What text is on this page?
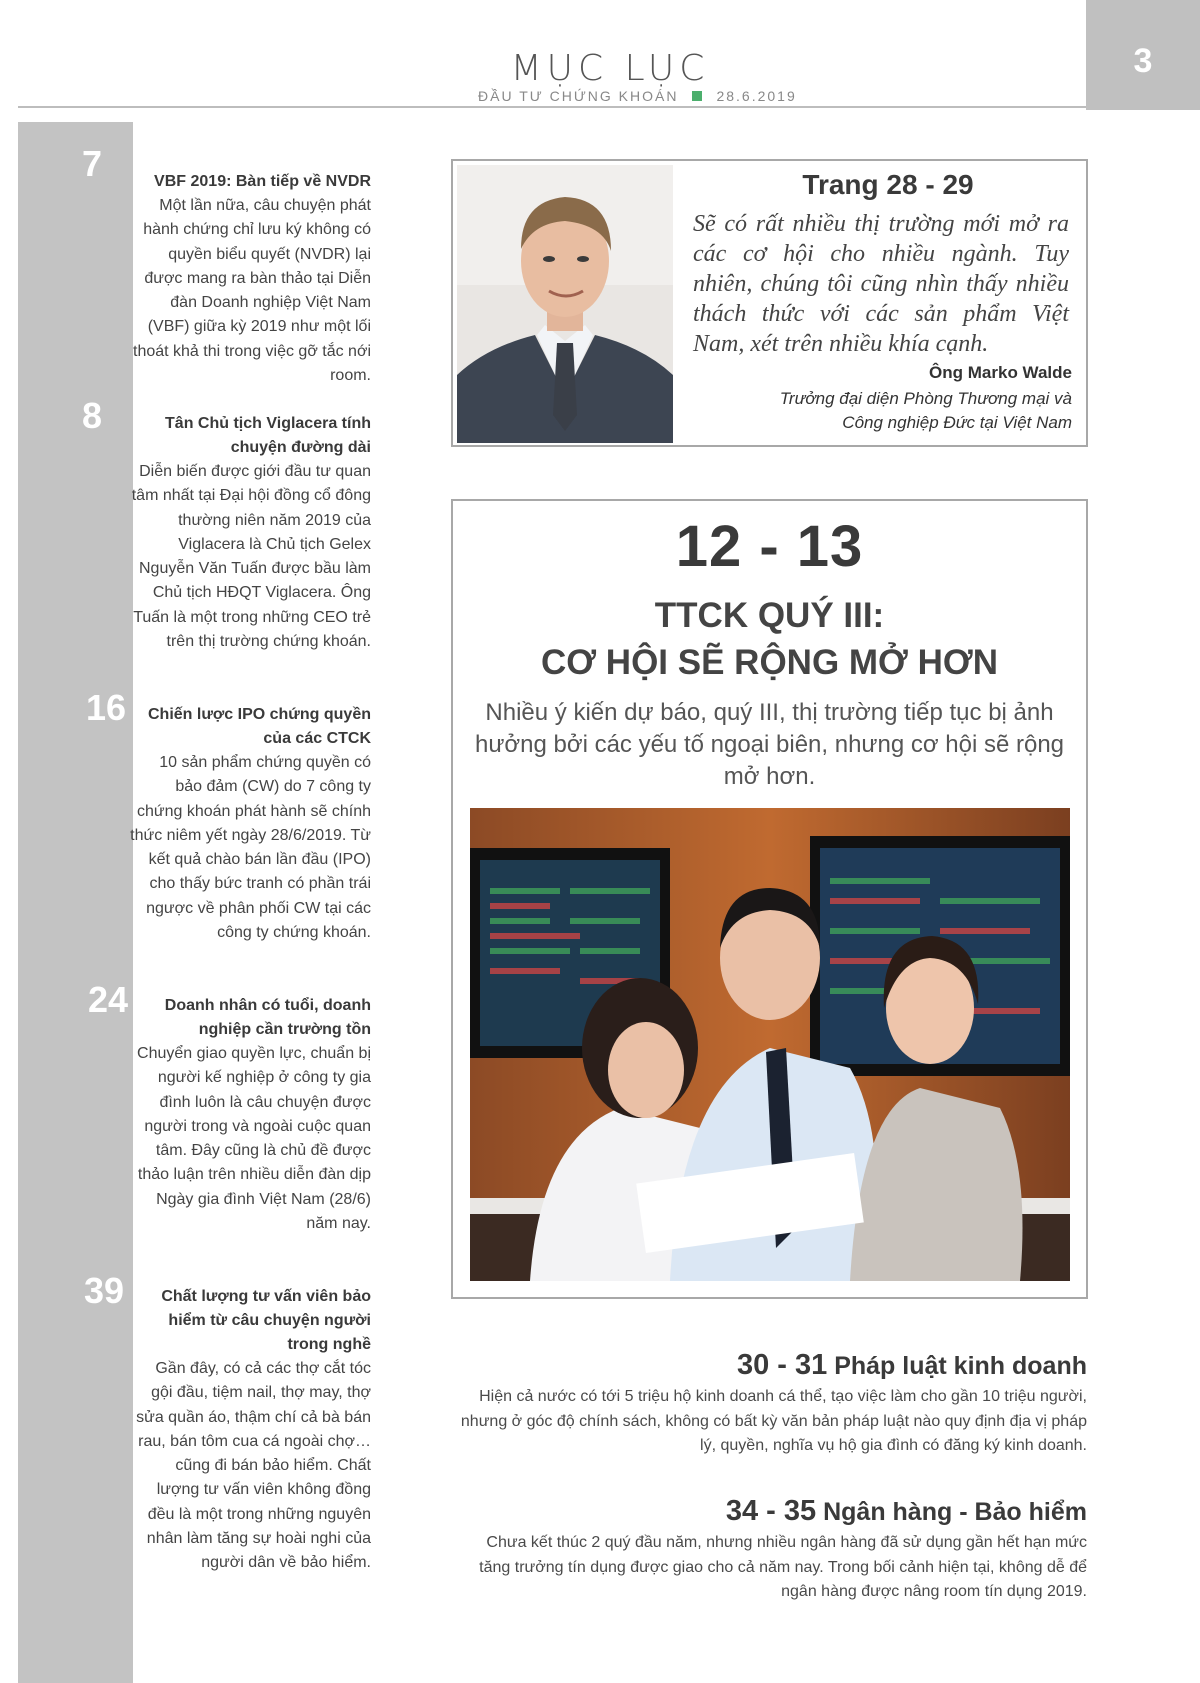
MỤC LỤC
ĐẦU TƯ CHỨNG KHOÁN	28.6.2019
3
7	VBF 2019: Bàn tiếp về NVDR
Một lần nữa, câu chuyện phát hành chứng chỉ lưu ký không có quyền biểu quyết (NVDR) lại được mang ra bàn thảo tại Diễn đàn Doanh nghiệp Việt Nam (VBF) giữa kỳ 2019 như một lối thoát khả thi trong việc gỡ tắc nới room.
8	Tân Chủ tịch Viglacera tính chuyện đường dài
Diễn biến được giới đầu tư quan tâm nhất tại Đại hội đồng cổ đông thường niên năm 2019 của Viglacera là Chủ tịch Gelex Nguyễn Văn Tuấn được bầu làm Chủ tịch HĐQT Viglacera. Ông Tuấn là một trong những CEO trẻ trên thị trường chứng khoán.
16	Chiến lược IPO chứng quyền của các CTCK
10 sản phẩm chứng quyền có bảo đảm (CW) do 7 công ty chứng khoán phát hành sẽ chính thức niêm yết ngày 28/6/2019. Từ kết quả chào bán lần đầu (IPO) cho thấy bức tranh có phần trái ngược về phân phối CW tại các công ty chứng khoán.
24	Doanh nhân có tuổi, doanh nghiệp cần trường tồn
Chuyển giao quyền lực, chuẩn bị người kế nghiệp ở công ty gia đình luôn là câu chuyện được người trong và ngoài cuộc quan tâm. Đây cũng là chủ đề được thảo luận trên nhiều diễn đàn dịp Ngày gia đình Việt Nam (28/6) năm nay.
39	Chất lượng tư vấn viên bảo hiểm từ câu chuyện người trong nghề
Gần đây, có cả các thợ cắt tóc gội đầu, tiệm nail, thợ may, thợ sửa quần áo, thậm chí cả bà bán rau, bán tôm cua cá ngoài chợ… cũng đi bán bảo hiểm. Chất lượng tư vấn viên không đồng đều là một trong những nguyên nhân làm tăng sự hoài nghi của người dân về bảo hiểm.
Trang 28 - 29
Sẽ có rất nhiều thị trường mới mở ra các cơ hội cho nhiều ngành. Tuy nhiên, chúng tôi cũng nhìn thấy nhiều thách thức với các sản phẩm Việt Nam, xét trên nhiều khía cạnh.
Ông Marko Walde
Trưởng đại diện Phòng Thương mại và
Công nghiệp Đức tại Việt Nam
12 - 13
TTCK QUÝ III:
CƠ HỘI SẼ RỘNG MỞ HƠN
Nhiều ý kiến dự báo, quý III, thị trường tiếp tục bị ảnh hưởng bởi các yếu tố ngoại biên, nhưng cơ hội sẽ rộng mở hơn.
30 - 31 Pháp luật kinh doanh
Hiện cả nước có tới 5 triệu hộ kinh doanh cá thể, tạo việc làm cho gần 10 triệu người, nhưng ở góc độ chính sách, không có bất kỳ văn bản pháp luật nào quy định địa vị pháp lý, quyền, nghĩa vụ hộ gia đình có đăng ký kinh doanh.
34 - 35 Ngân hàng - Bảo hiểm
Chưa kết thúc 2 quý đầu năm, nhưng nhiều ngân hàng đã sử dụng gần hết hạn mức tăng trưởng tín dụng được giao cho cả năm nay. Trong bối cảnh hiện tại, không dễ để ngân hàng được nâng room tín dụng 2019.
